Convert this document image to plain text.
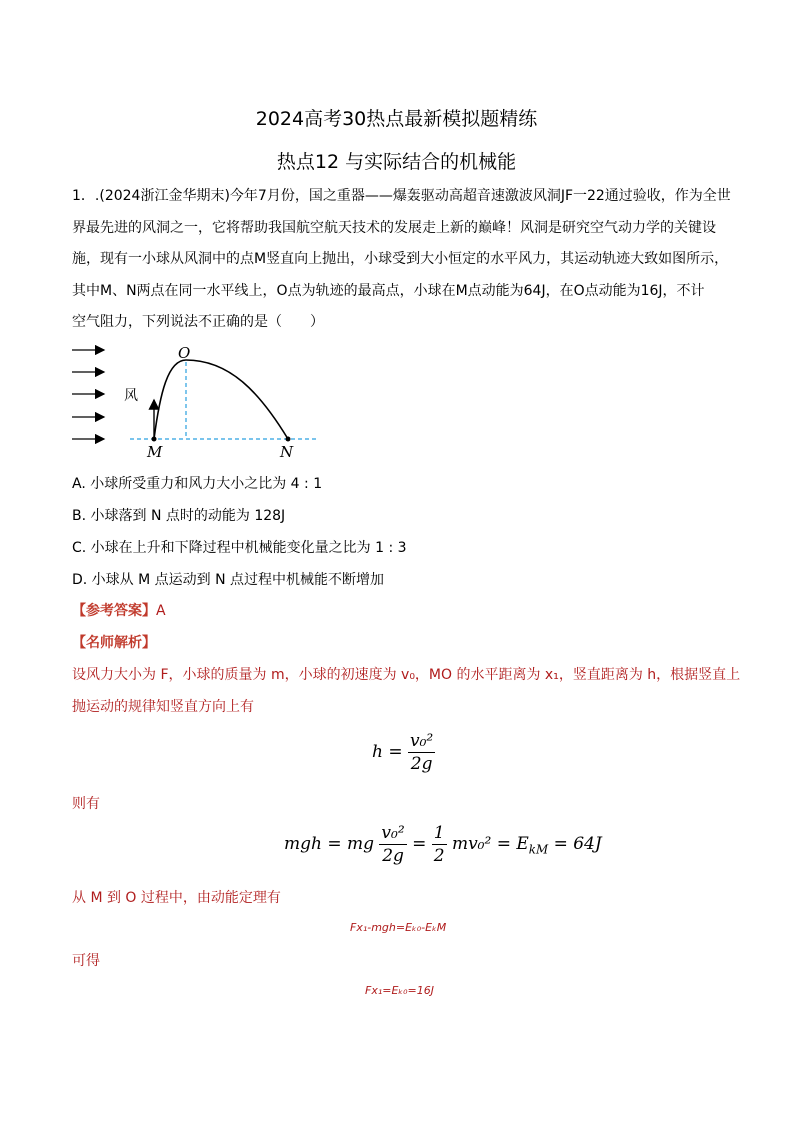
2024高考30热点最新模拟题精练
热点12 与实际结合的机械能
1．.(2024浙江金华期末)今年7月份，国之重器——爆轰驱动高超音速激波风洞JF一22通过验收，作为全世
界最先进的风洞之一，它将帮助我国航空航天技术的发展走上新的巅峰！风洞是研究空气动力学的关键设
施，现有一小球从风洞中的点M竖直向上抛出，小球受到大小恒定的水平风力，其运动轨迹大致如图所示，
其中M、N两点在同一水平线上，O点为轨迹的最高点，小球在M点动能为64J，在O点动能为16J，不计
空气阻力，下列说法不正确的是（　　）
O
M	N
风
A. 小球所受重力和风力大小之比为 4 : 1
B. 小球落到 N 点时的动能为 128J
C. 小球在上升和下降过程中机械能变化量之比为 1 : 3
D. 小球从 M 点运动到 N 点过程中机械能不断增加
【参考答案】A
【名师解析】
设风力大小为 F，小球的质量为 m，小球的初速度为 v₀，MO 的水平距离为 x₁，竖直距离为 h，根据竖直上
抛运动的规律知竖直方向上有
$h = \frac{\text{v₀²}}{2g}$
则有
mgh = mg $\frac{\text{v₀²}}{2g} = \frac{1}{2} mv_0^2 = E_{kM} = 64J$
从 M 到 O 过程中，由动能定理有
Fx₁-mgh=Eₖ₀-EₖM
可得
Fx₁=Eₖ₀=16J
